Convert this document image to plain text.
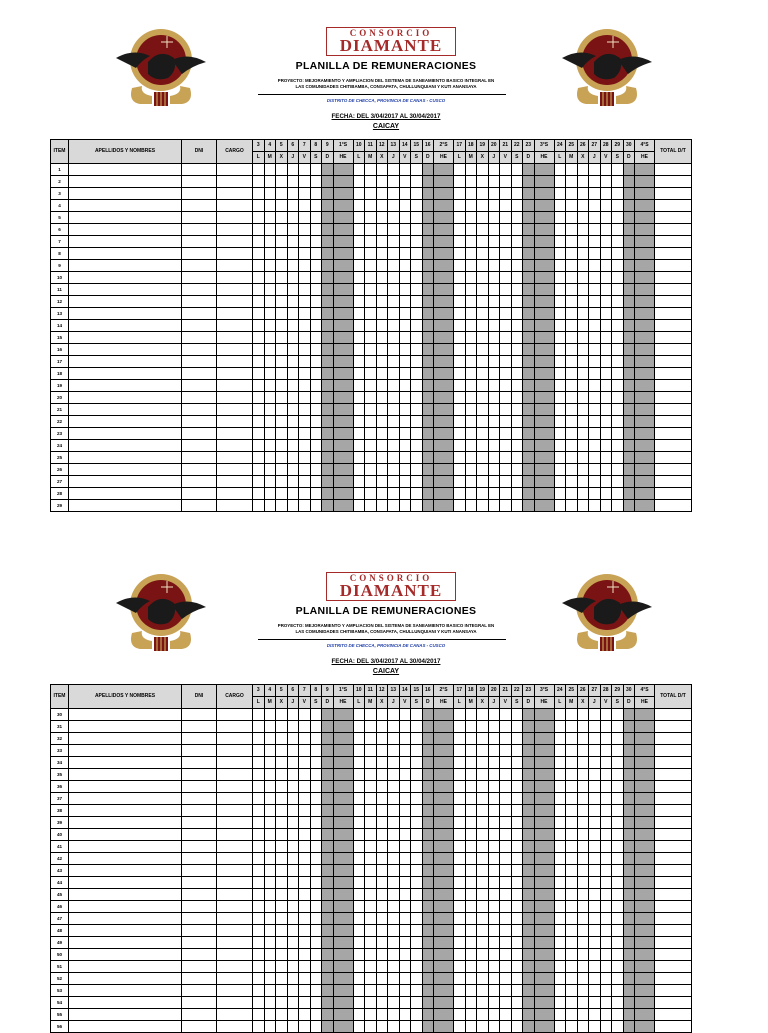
CONSORCIO
DIAMANTE
PLANILLA DE REMUNERACIONES
PROYECTO: MEJORAMIENTO Y AMPLIACION DEL SISTEMA DE SANEAMIENTO BASICO INTEGRAL EN
LAS COMUNIDADES CHITIBAMBA, CONSAPATA, CHULLUNQUIANI Y KUTI ANANSAYA
DISTRITO DE CHECCA, PROVINCIA DE CANAS - CUSCO
FECHA: DEL 3/04/2017 AL 30/04/2017
CAICAY
ITEM	APELLIDOS Y NOMBRES	DNI	CARGO	3	4	5	6	7	8	9	1°S	10	11	12	13	14	15	16	2°S	17	18	19	20	21	22	23	3°S	24	25	26	27	28	29	30	4°S	TOTAL D/T
				L	M	X	J	V	S	D	HE	L	M	X	J	V	S	D	HE	L	M	X	J	V	S	D	HE	L	M	X	J	V	S	D	HE	
1																																				
2																																				
3																																				
4																																				
5																																				
6																																				
7																																				
8																																				
9																																				
10																																				
11																																				
12																																				
13																																				
14																																				
15																																				
16																																				
17																																				
18																																				
19																																				
20																																				
21																																				
22																																				
23																																				
24																																				
25																																				
26																																				
27																																				
28																																				
29																																				
CONSORCIO
DIAMANTE
PLANILLA DE REMUNERACIONES
PROYECTO: MEJORAMIENTO Y AMPLIACION DEL SISTEMA DE SANEAMIENTO BASICO INTEGRAL EN
LAS COMUNIDADES CHITIBAMBA, CONSAPATA, CHULLUNQUIANI Y KUTI ANANSAYA
DISTRITO DE CHECCA, PROVINCIA DE CANAS - CUSCO
FECHA: DEL 3/04/2017 AL 30/04/2017
CAICAY
ITEM	APELLIDOS Y NOMBRES	DNI	CARGO	3	4	5	6	7	8	9	1°S	10	11	12	13	14	15	16	2°S	17	18	19	20	21	22	23	3°S	24	25	26	27	28	29	30	4°S	TOTAL D/T
				L	M	X	J	V	S	D	HE	L	M	X	J	V	S	D	HE	L	M	X	J	V	S	D	HE	L	M	X	J	V	S	D	HE	
30																																				
31																																				
32																																				
33																																				
34																																				
35																																				
36																																				
37																																				
38																																				
39																																				
40																																				
41																																				
42																																				
43																																				
44																																				
45																																				
46																																				
47																																				
48																																				
49																																				
50																																				
51																																				
52																																				
53																																				
54																																				
55																																				
56																																				
